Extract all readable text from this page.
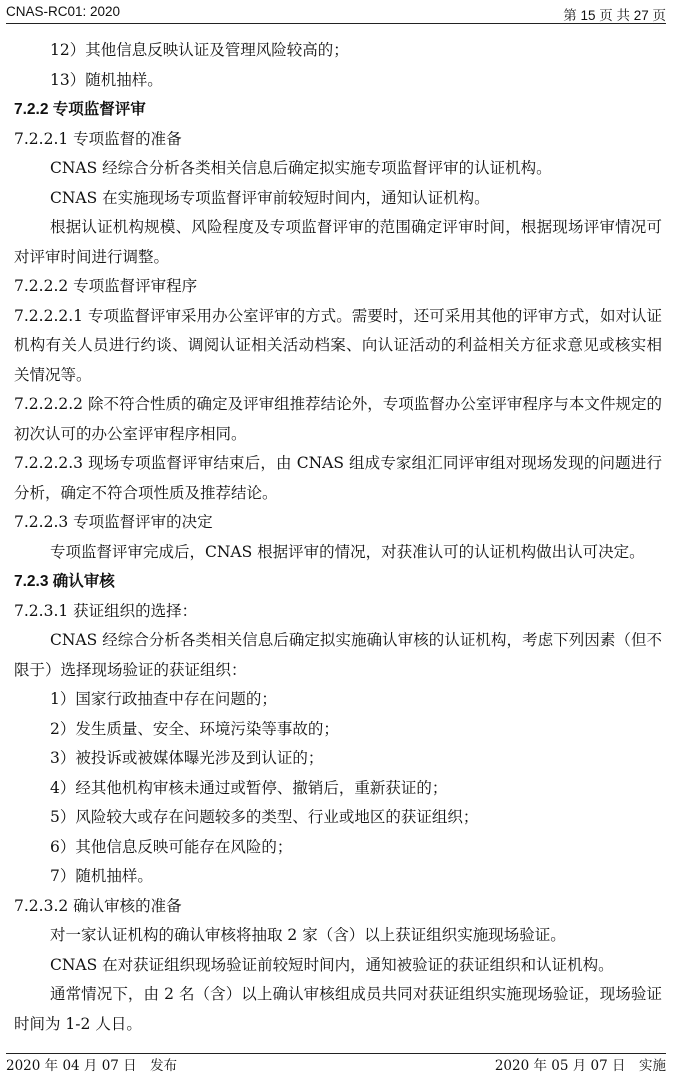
CNAS-RC01: 2020	第 15 页 共 27 页

12）其他信息反映认证及管理风险较高的；

13）随机抽样。

7.2.2 专项监督评审

7.2.2.1 专项监督的准备

CNAS 经综合分析各类相关信息后确定拟实施专项监督评审的认证机构。

CNAS 在实施现场专项监督评审前较短时间内，通知认证机构。

根据认证机构规模、风险程度及专项监督评审的范围确定评审时间，根据现场评审情况可对评审时间进行调整。

7.2.2.2 专项监督评审程序

7.2.2.2.1 专项监督评审采用办公室评审的方式。需要时，还可采用其他的评审方式，如对认证机构有关人员进行约谈、调阅认证相关活动档案、向认证活动的利益相关方征求意见或核实相关情况等。

7.2.2.2.2 除不符合性质的确定及评审组推荐结论外，专项监督办公室评审程序与本文件规定的初次认可的办公室评审程序相同。

7.2.2.2.3 现场专项监督评审结束后，由 CNAS 组成专家组汇同评审组对现场发现的问题进行分析，确定不符合项性质及推荐结论。

7.2.2.3 专项监督评审的决定

专项监督评审完成后，CNAS 根据评审的情况，对获准认可的认证机构做出认可决定。

7.2.3 确认审核

7.2.3.1 获证组织的选择：

CNAS 经综合分析各类相关信息后确定拟实施确认审核的认证机构，考虑下列因素（但不限于）选择现场验证的获证组织：

1）国家行政抽查中存在问题的；

2）发生质量、安全、环境污染等事故的；

3）被投诉或被媒体曝光涉及到认证的；

4）经其他机构审核未通过或暂停、撤销后，重新获证的；

5）风险较大或存在问题较多的类型、行业或地区的获证组织；

6）其他信息反映可能存在风险的；

7）随机抽样。

7.2.3.2 确认审核的准备

对一家认证机构的确认审核将抽取 2 家（含）以上获证组织实施现场验证。

CNAS 在对获证组织现场验证前较短时间内，通知被验证的获证组织和认证机构。

通常情况下，由 2 名（含）以上确认审核组成员共同对获证组织实施现场验证，现场验证时间为 1-2 人日。

2020 年 04 月 07 日　发布	2020 年 05 月 07 日　实施
